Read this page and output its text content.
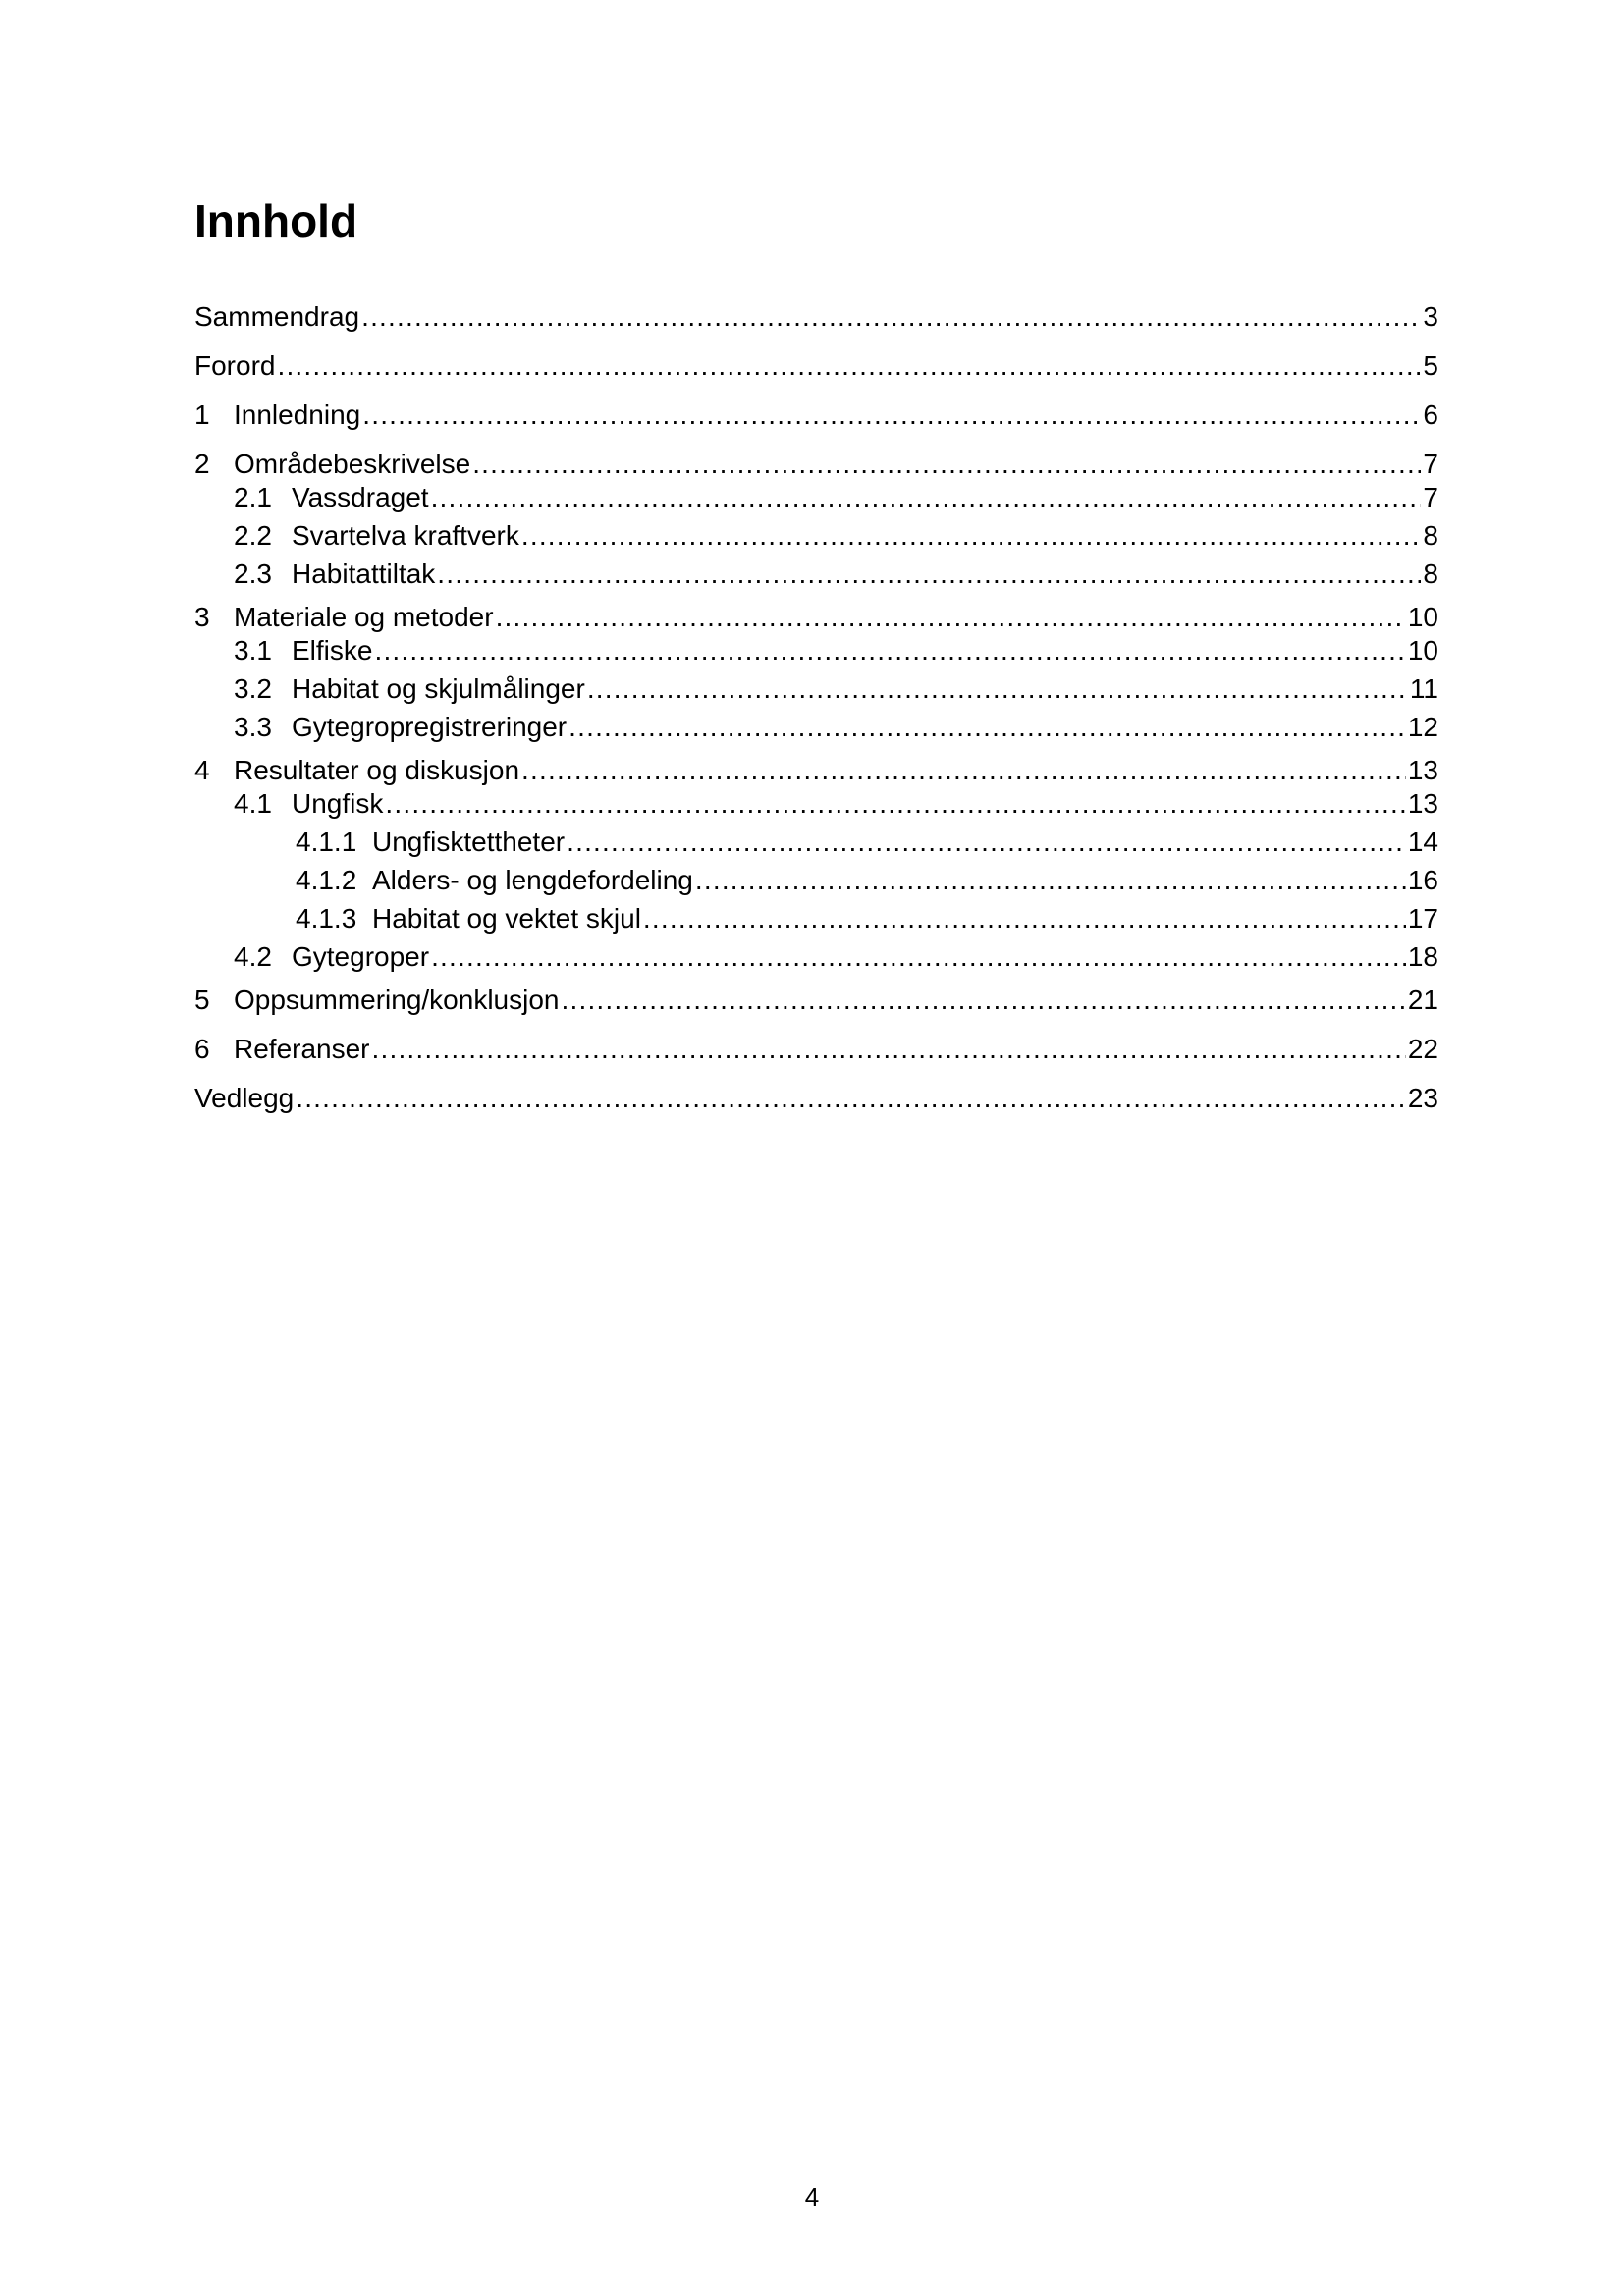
Innhold
Sammendrag .....	3
Forord .....	5
1 Innledning .....	6
2 Områdebeskrivelse .....	7
2.1 Vassdraget .....	7
2.2 Svartelva kraftverk .....	8
2.3 Habitattiltak .....	8
3 Materiale og metoder .....	10
3.1 Elfiske .....	10
3.2 Habitat og skjulmålinger .....	11
3.3 Gytegropregistreringer .....	12
4 Resultater og diskusjon .....	13
4.1 Ungfisk .....	13
4.1.1 Ungfisktettheter .....	14
4.1.2 Alders- og lengdefordeling .....	16
4.1.3 Habitat og vektet skjul .....	17
4.2 Gytegroper .....	18
5 Oppsummering/konklusjon .....	21
6 Referanser .....	22
Vedlegg .....	23
4
